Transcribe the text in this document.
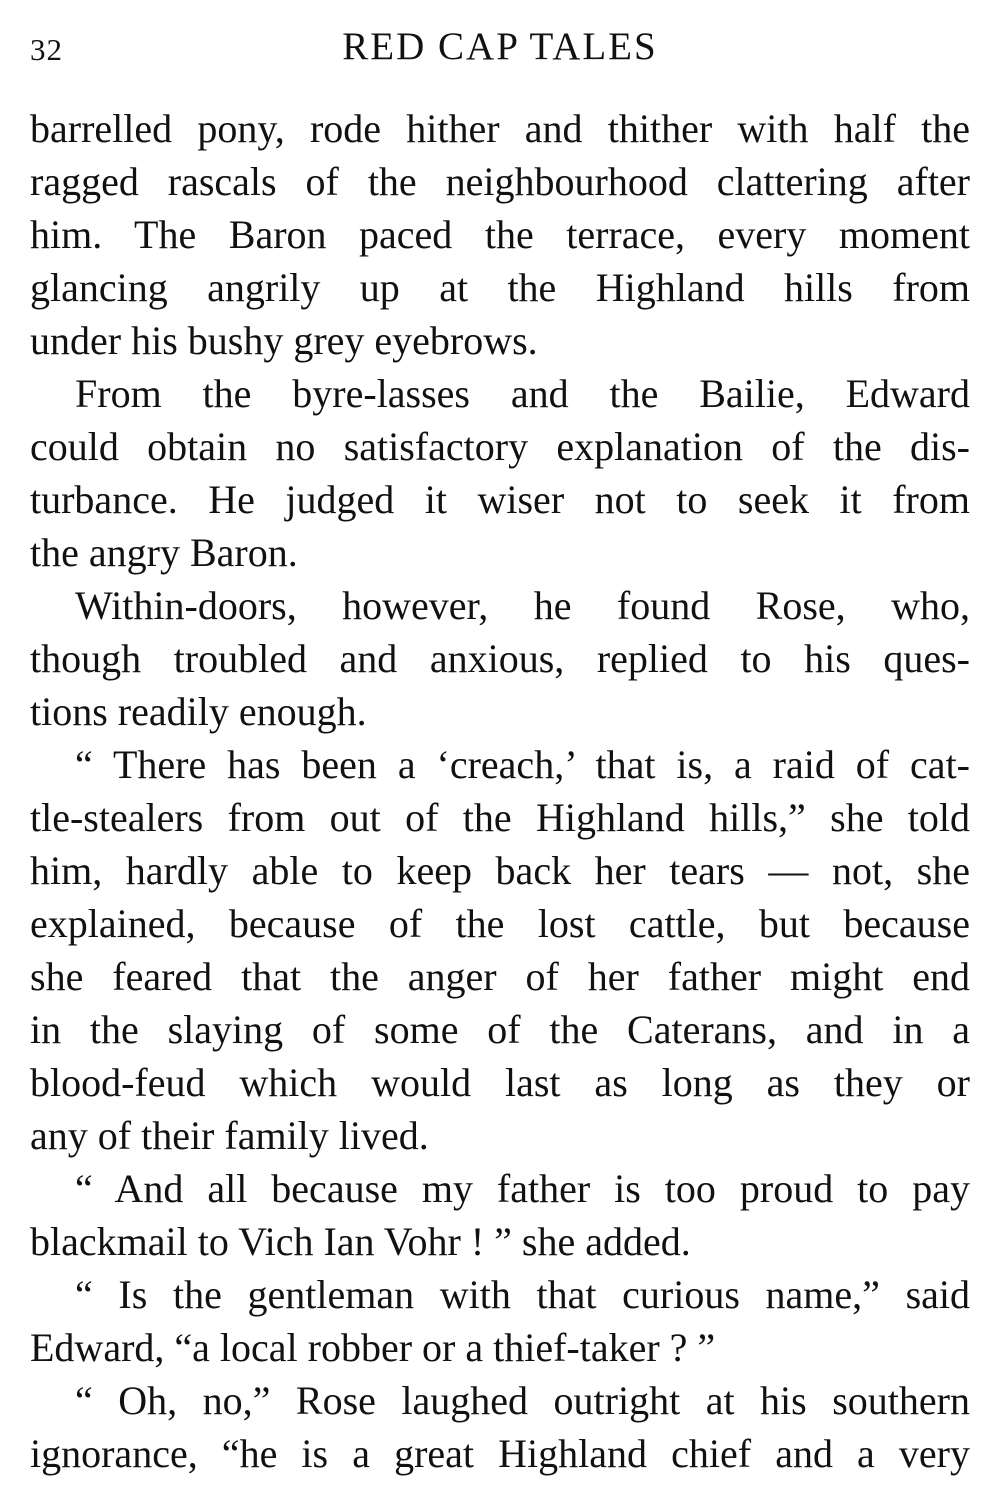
32	RED CAP TALES

barrelled pony, rode hither and thither with half the

ragged rascals of the neighbourhood clattering after

him. The Baron paced the terrace, every moment

glancing angrily up at the Highland hills from

under his bushy grey eyebrows.

From the byre-lasses and the Bailie, Edward

could obtain no satisfactory explanation of the dis-

turbance. He judged it wiser not to seek it from

the angry Baron.

Within-doors, however, he found Rose, who,

though troubled and anxious, replied to his ques-

tions readily enough.

“ There has been a ‘creach,’ that is, a raid of cat-

tle-stealers from out of the Highland hills,” she told

him, hardly able to keep back her tears — not, she

explained, because of the lost cattle, but because

she feared that the anger of her father might end

in the slaying of some of the Caterans, and in a

blood-feud which would last as long as they or

any of their family lived.

“ And all because my father is too proud to pay

blackmail to Vich Ian Vohr ! ” she added.

“ Is the gentleman with that curious name,” said

Edward, “a local robber or a thief-taker ? ”

“ Oh, no,” Rose laughed outright at his southern

ignorance, “he is a great Highland chief and a very
